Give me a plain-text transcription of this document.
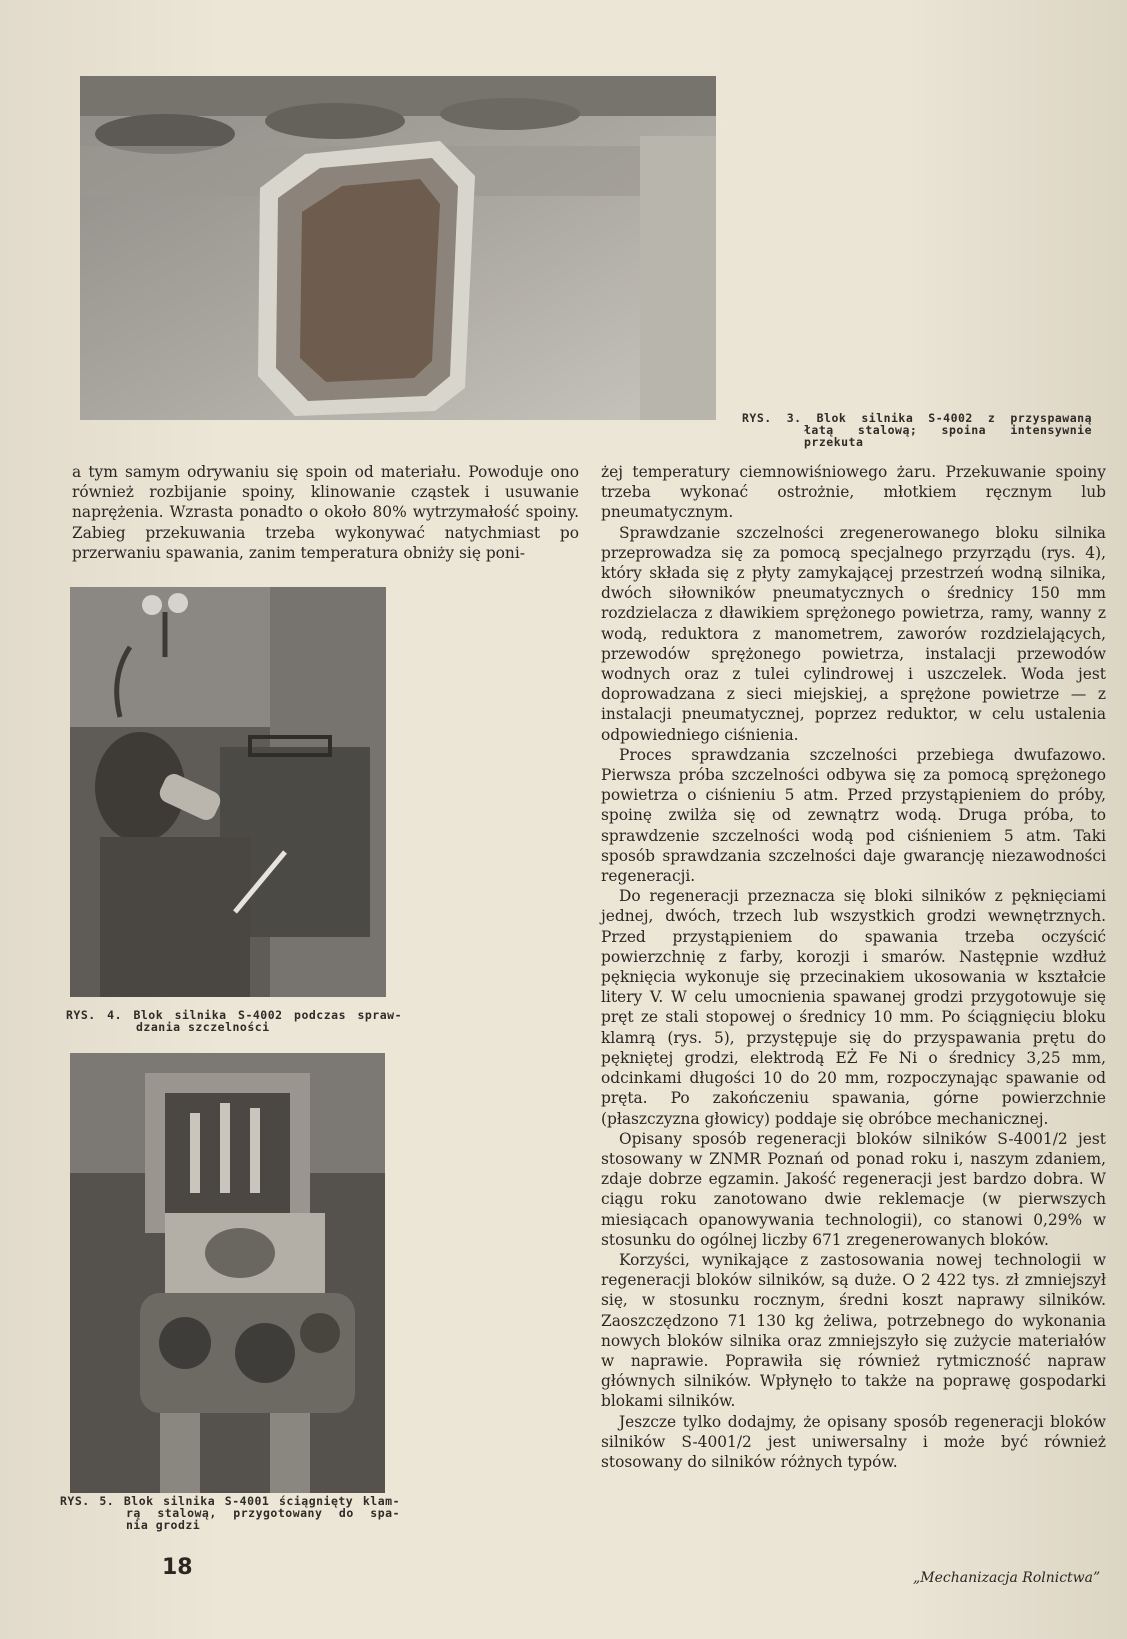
RYS. 3. Blok silnika S-4002 z przyspawaną
łatą stalową; spoina intensywnie
przekuta
RYS. 4. Blok silnika S-4002 podczas spraw-
dzania szczelności
RYS. 5. Blok silnika S-4001 ściągnięty klam-
rą stalową, przygotowany do spa-
nia grodzi

a tym samym odrywaniu się spoin od materiału. Powoduje ono również rozbijanie spoiny, klinowanie cząstek i usuwanie naprężenia. Wzrasta ponadto o około 80% wytrzymałość spoiny. Zabieg przekuwania trzeba wykonywać natychmiast po przerwaniu spawania, zanim temperatura obniży się poni-

żej temperatury ciemnowiśniowego żaru. Przekuwanie spoiny trzeba wykonać ostrożnie, młotkiem ręcznym lub pneumatycznym.

Sprawdzanie szczelności zregenerowanego bloku silnika przeprowadza się za pomocą specjalnego przyrządu (rys. 4), który składa się z płyty zamykającej przestrzeń wodną silnika, dwóch siłowników pneumatycznych o średnicy 150 mm rozdzielacza z dławikiem sprężonego powietrza, ramy, wanny z wodą, reduktora z manometrem, zaworów rozdzielających, przewodów sprężonego powietrza, instalacji przewodów wodnych oraz z tulei cylindrowej i uszczelek. Woda jest doprowadzana z sieci miejskiej, a sprężone powietrze — z instalacji pneumatycznej, poprzez reduktor, w celu ustalenia odpowiedniego ciśnienia.

Proces sprawdzania szczelności przebiega dwufazowo. Pierwsza próba szczelności odbywa się za pomocą sprężonego powietrza o ciśnieniu 5 atm. Przed przystąpieniem do próby, spoinę zwilża się od zewnątrz wodą. Druga próba, to sprawdzenie szczelności wodą pod ciśnieniem 5 atm. Taki sposób sprawdzania szczelności daje gwarancję niezawodności regeneracji.

Do regeneracji przeznacza się bloki silników z pęknięciami jednej, dwóch, trzech lub wszystkich grodzi wewnętrznych. Przed przystąpieniem do spawania trzeba oczyścić powierzchnię z farby, korozji i smarów. Następnie wzdłuż pęknięcia wykonuje się przecinakiem ukosowania w kształcie litery V. W celu umocnienia spawanej grodzi przygotowuje się pręt ze stali stopowej o średnicy 10 mm. Po ściągnięciu bloku klamrą (rys. 5), przystępuje się do przyspawania prętu do pękniętej grodzi, elektrodą EŻ Fe Ni o średnicy 3,25 mm, odcinkami długości 10 do 20 mm, rozpoczynając spawanie od pręta. Po zakończeniu spawania, górne powierzchnie (płaszczyzna głowicy) poddaje się obróbce mechanicznej.

Opisany sposób regeneracji bloków silników S-4001/2 jest stosowany w ZNMR Poznań od ponad roku i, naszym zdaniem, zdaje dobrze egzamin. Jakość regeneracji jest bardzo dobra. W ciągu roku zanotowano dwie reklemacje (w pierwszych miesiącach opanowywania technologii), co stanowi 0,29% w stosunku do ogólnej liczby 671 zregenerowanych bloków.

Korzyści, wynikające z zastosowania nowej technologii w regeneracji bloków silników, są duże. O 2 422 tys. zł zmniejszył się, w stosunku rocznym, średni koszt naprawy silników. Zaoszczędzono 71 130 kg żeliwa, potrzebnego do wykonania nowych bloków silnika oraz zmniejszyło się zużycie materiałów w naprawie. Poprawiła się również rytmiczność napraw głównych silników. Wpłynęło to także na poprawę gospodarki blokami silników.

Jeszcze tylko dodajmy, że opisany sposób regeneracji bloków silników S-4001/2 jest uniwersalny i może być również stosowany do silników różnych typów.

18	„Mechanizacja Rolnictwa”
